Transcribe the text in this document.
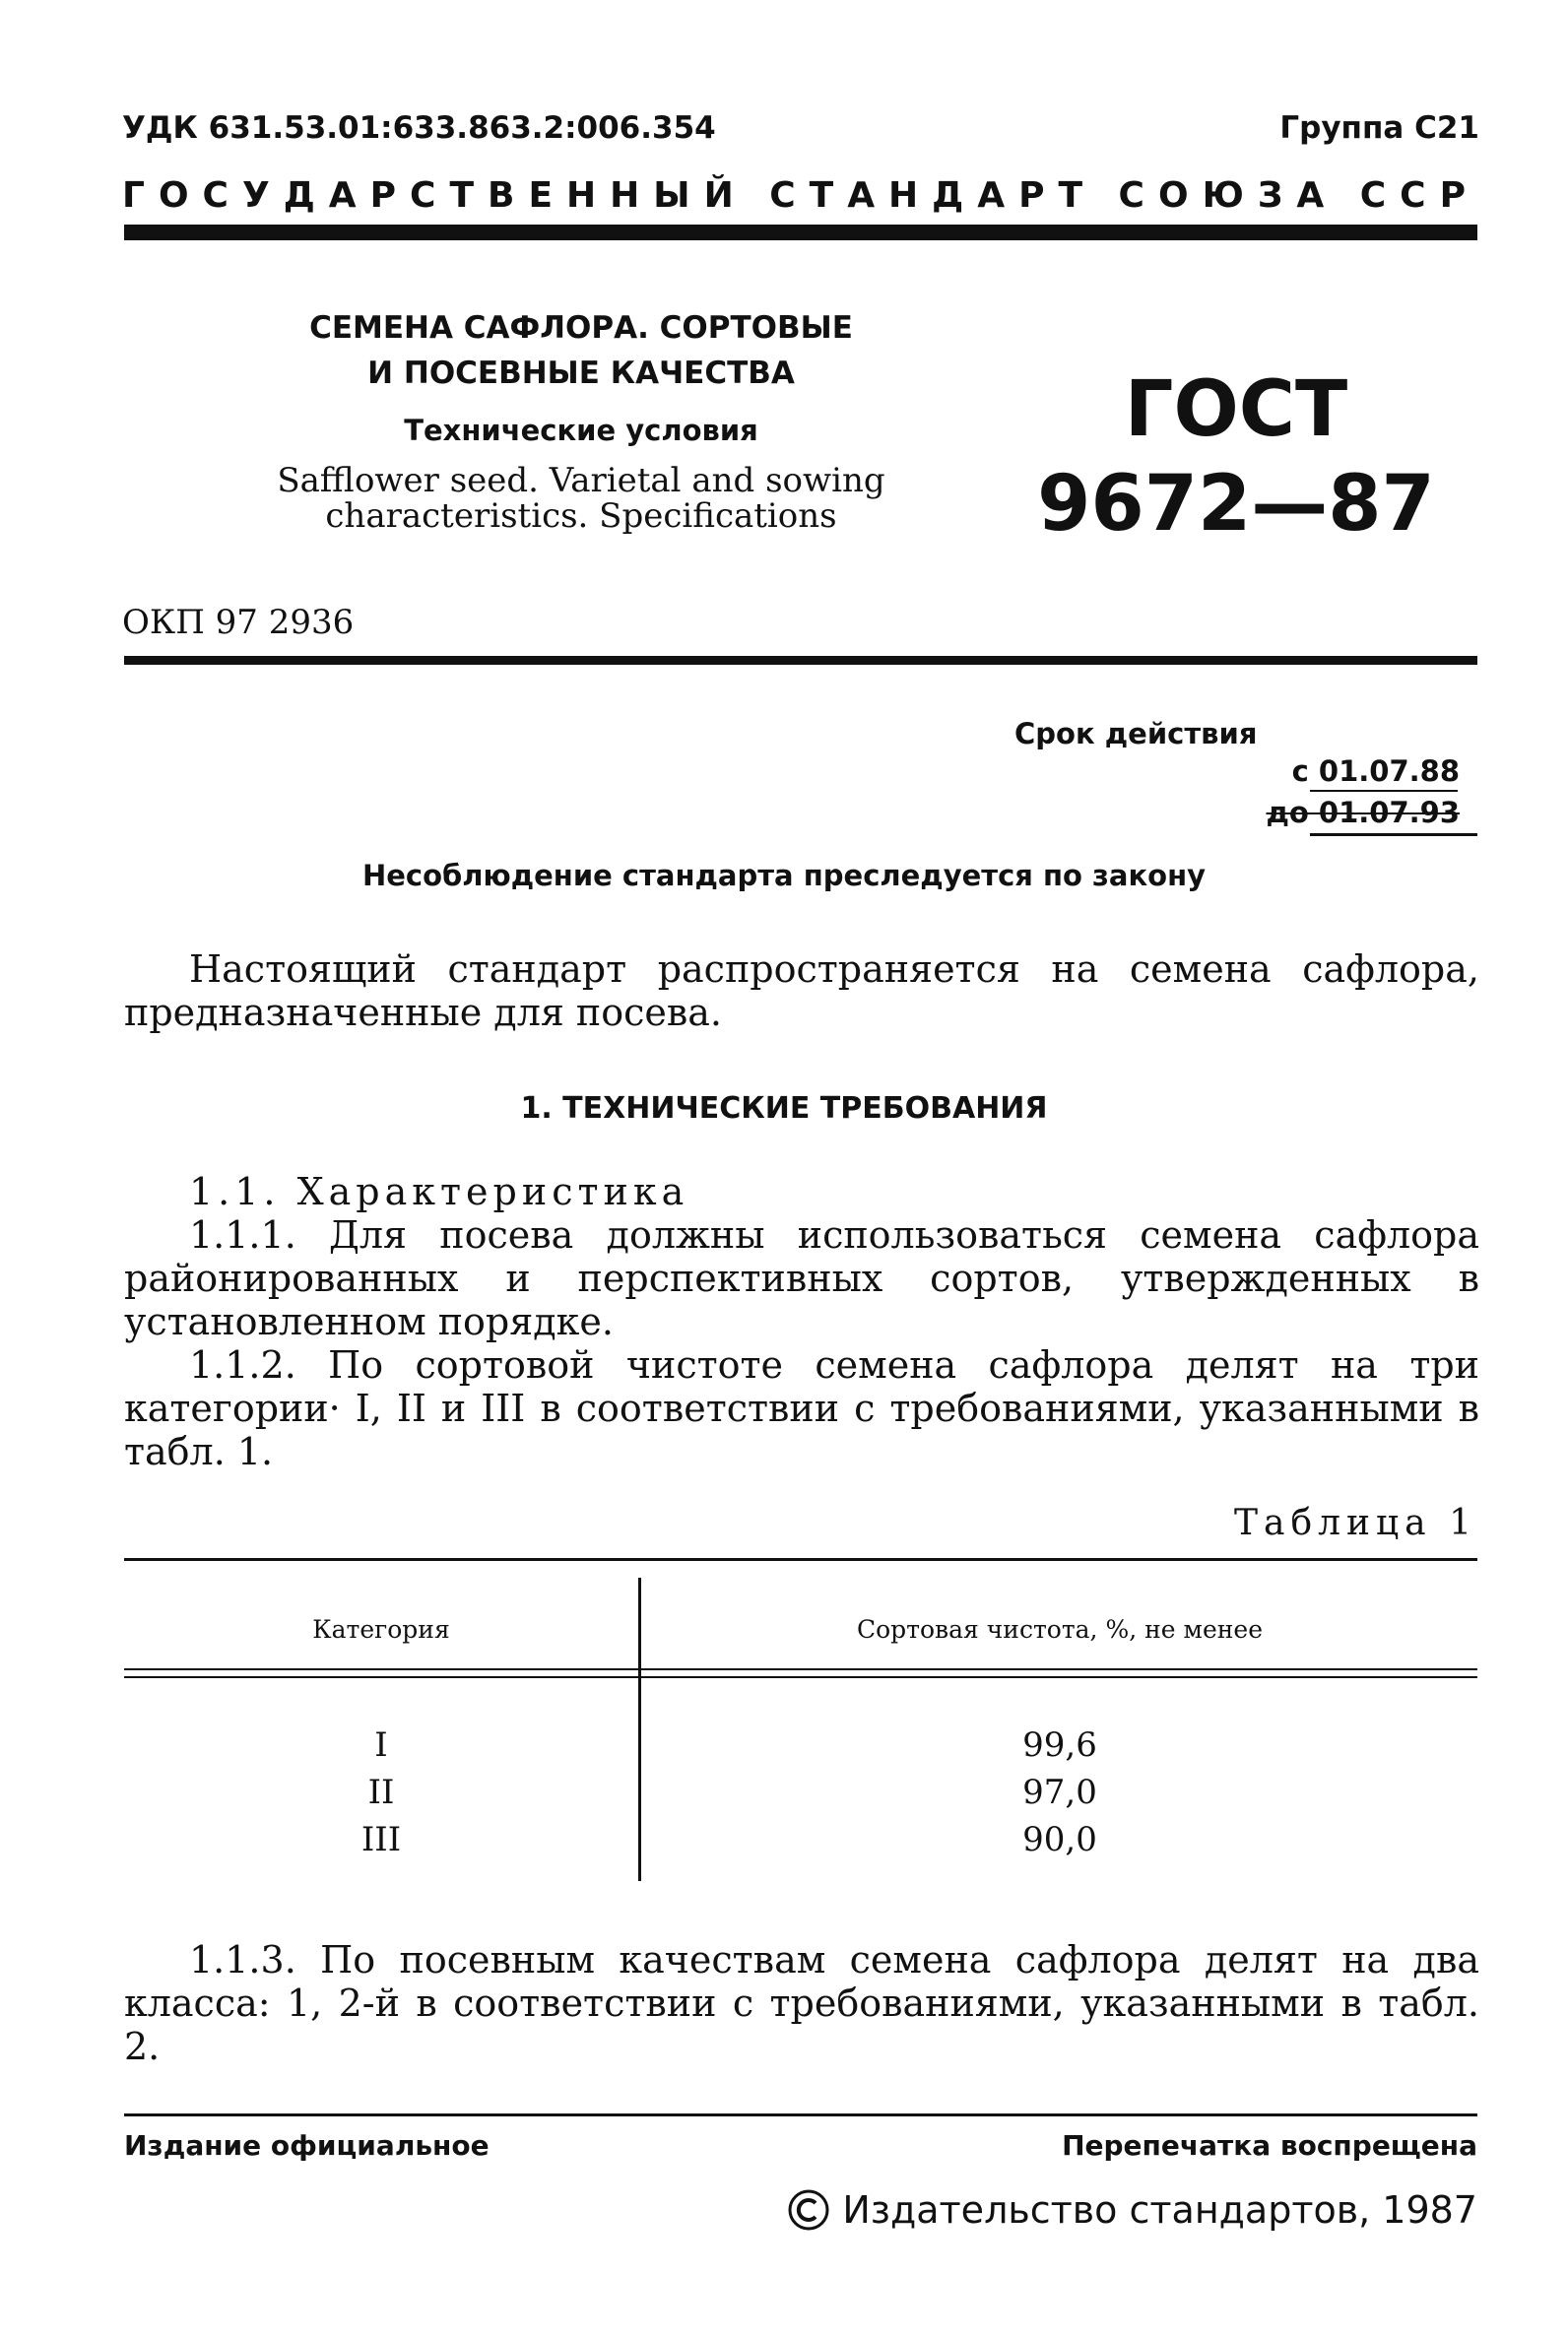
УДК 631.53.01:633.863.2:006.354	Группа С21
ГОСУДАРСТВЕННЫЙ СТАНДАРТ СОЮЗА ССР
СЕМЕНА САФЛОРА. СОРТОВЫЕ
И ПОСЕВНЫЕ КАЧЕСТВА
Технические условия
Safflower seed. Varietal and sowing
characteristics. Specifications
ГОСТ
9672—87
ОКП 97 2936
Срок действия
с 01.07.88
до 01.07.93
Несоблюдение стандарта преследуется по закону
Настоящий стандарт распространяется на семена сафлора, предназначенные для посева.
1. ТЕХНИЧЕСКИЕ ТРЕБОВАНИЯ
1.1. Характеристика
1.1.1. Для посева должны использоваться семена сафлора районированных и перспективных сортов, утвержденных в установленном порядке.
1.1.2. По сортовой чистоте семена сафлора делят на три категории· I, II и III в соответствии с требованиями, указанными в табл. 1.
Таблица 1
Категория	Сортовая чистота, %, не менее
I	99,6
II	97,0
III	90,0
1.1.3. По посевным качествам семена сафлора делят на два класса: 1, 2-й в соответствии с требованиями, указанными в табл. 2.
Издание официальное	Перепечатка воспрещена
Издательство стандартов, 1987
